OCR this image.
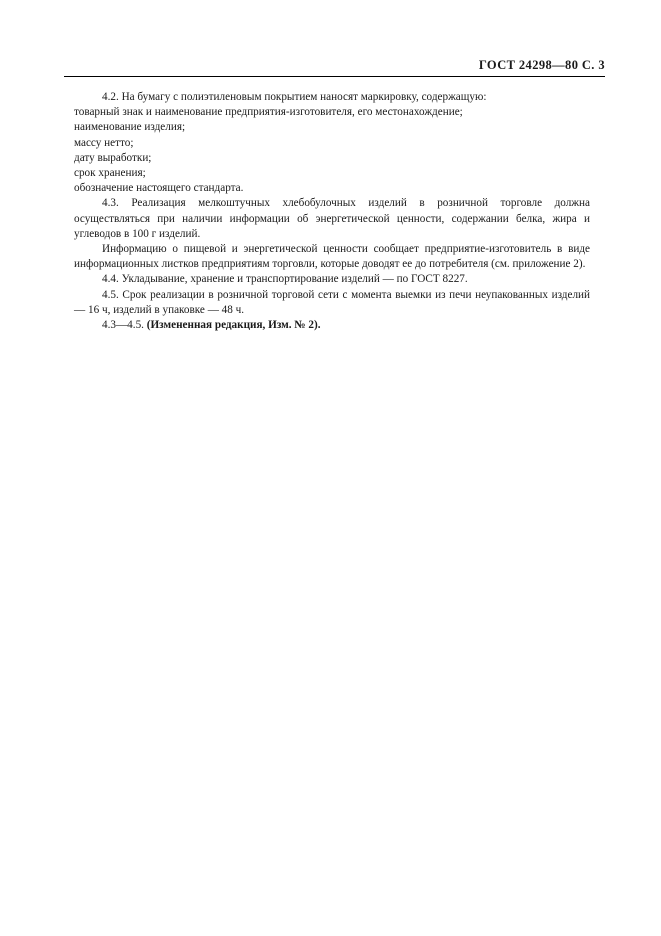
ГОСТ 24298—80 С. 3

4.2. На бумагу с полиэтиленовым покрытием наносят маркировку, содержащую:

товарный знак и наименование предприятия-изготовителя, его местонахождение;

наименование изделия;

массу нетто;

дату выработки;

срок хранения;

обозначение настоящего стандарта.

4.3. Реализация мелкоштучных хлебобулочных изделий в розничной торговле должна осуществляться при наличии информации об энергетической ценности, содержании белка, жира и углеводов в 100 г изделий.

Информацию о пищевой и энергетической ценности сообщает предприятие-изготовитель в виде информационных листков предприятиям торговли, которые доводят ее до потребителя (см. приложение 2).

4.4. Укладывание, хранение и транспортирование изделий — по ГОСТ 8227.

4.5. Срок реализации в розничной торговой сети с момента выемки из печи неупакованных изделий — 16 ч, изделий в упаковке — 48 ч.

4.3—4.5. (Измененная редакция, Изм. № 2).
